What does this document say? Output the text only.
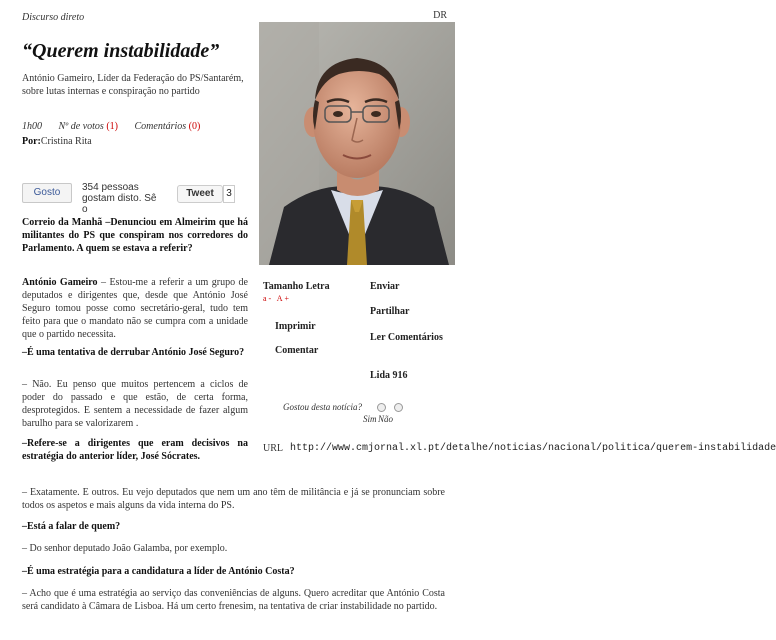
Discurso direto	DR
“Querem instabilidade”
António Gameiro, Líder da Federação do PS/Santarém, sobre lutas internas e conspiração no partido
1h00 Nº de votos (1) Comentários (0)
Por:Cristina Rita
Gosto	354 pessoas gostam disto. Sê o
Tweet	3
Correio da Manhã –Denunciou em Almeirim que há militantes do PS que conspiram nos corredores do Parlamento. A quem se estava a referir?
António Gameiro – Estou-me a referir a um grupo de deputados e dirigentes que, desde que António José Seguro tomou posse como secretário-geral, tudo tem feito para que o mandato não se cumpra com a unidade que o partido necessita.
–É uma tentativa de derrubar António José Seguro?
– Não. Eu penso que muitos pertencem a ciclos de poder do passado e que estão, de certa forma, desprotegidos. E sentem a necessidade de fazer algum barulho para se valorizarem .
–Refere-se a dirigentes que eram decisivos na estratégia do anterior líder, José Sócrates.
– Exatamente. E outros. Eu vejo deputados que nem um ano têm de militância e já se pronunciam sobre todos os aspetos e mais alguns da vida interna do PS.
–Está a falar de quem?
– Do senhor deputado João Galamba, por exemplo.
–É uma estratégia para a candidatura a líder de António Costa?
– Acho que é uma estratégia ao serviço das conveniências de alguns. Quero acreditar que António Costa será candidato à Câmara de Lisboa. Há um certo frenesim, na tentativa de criar instabilidade no partido.
Tamanho Letra
a- A+
Enviar
Partilhar
Imprimir
Ler Comentários
Comentar
Lida 916
Gostou desta notícia?
Sim Não
URL http://www.cmjornal.xl.pt/detalhe/noticias/nacional/politica/querem-instabilidade
